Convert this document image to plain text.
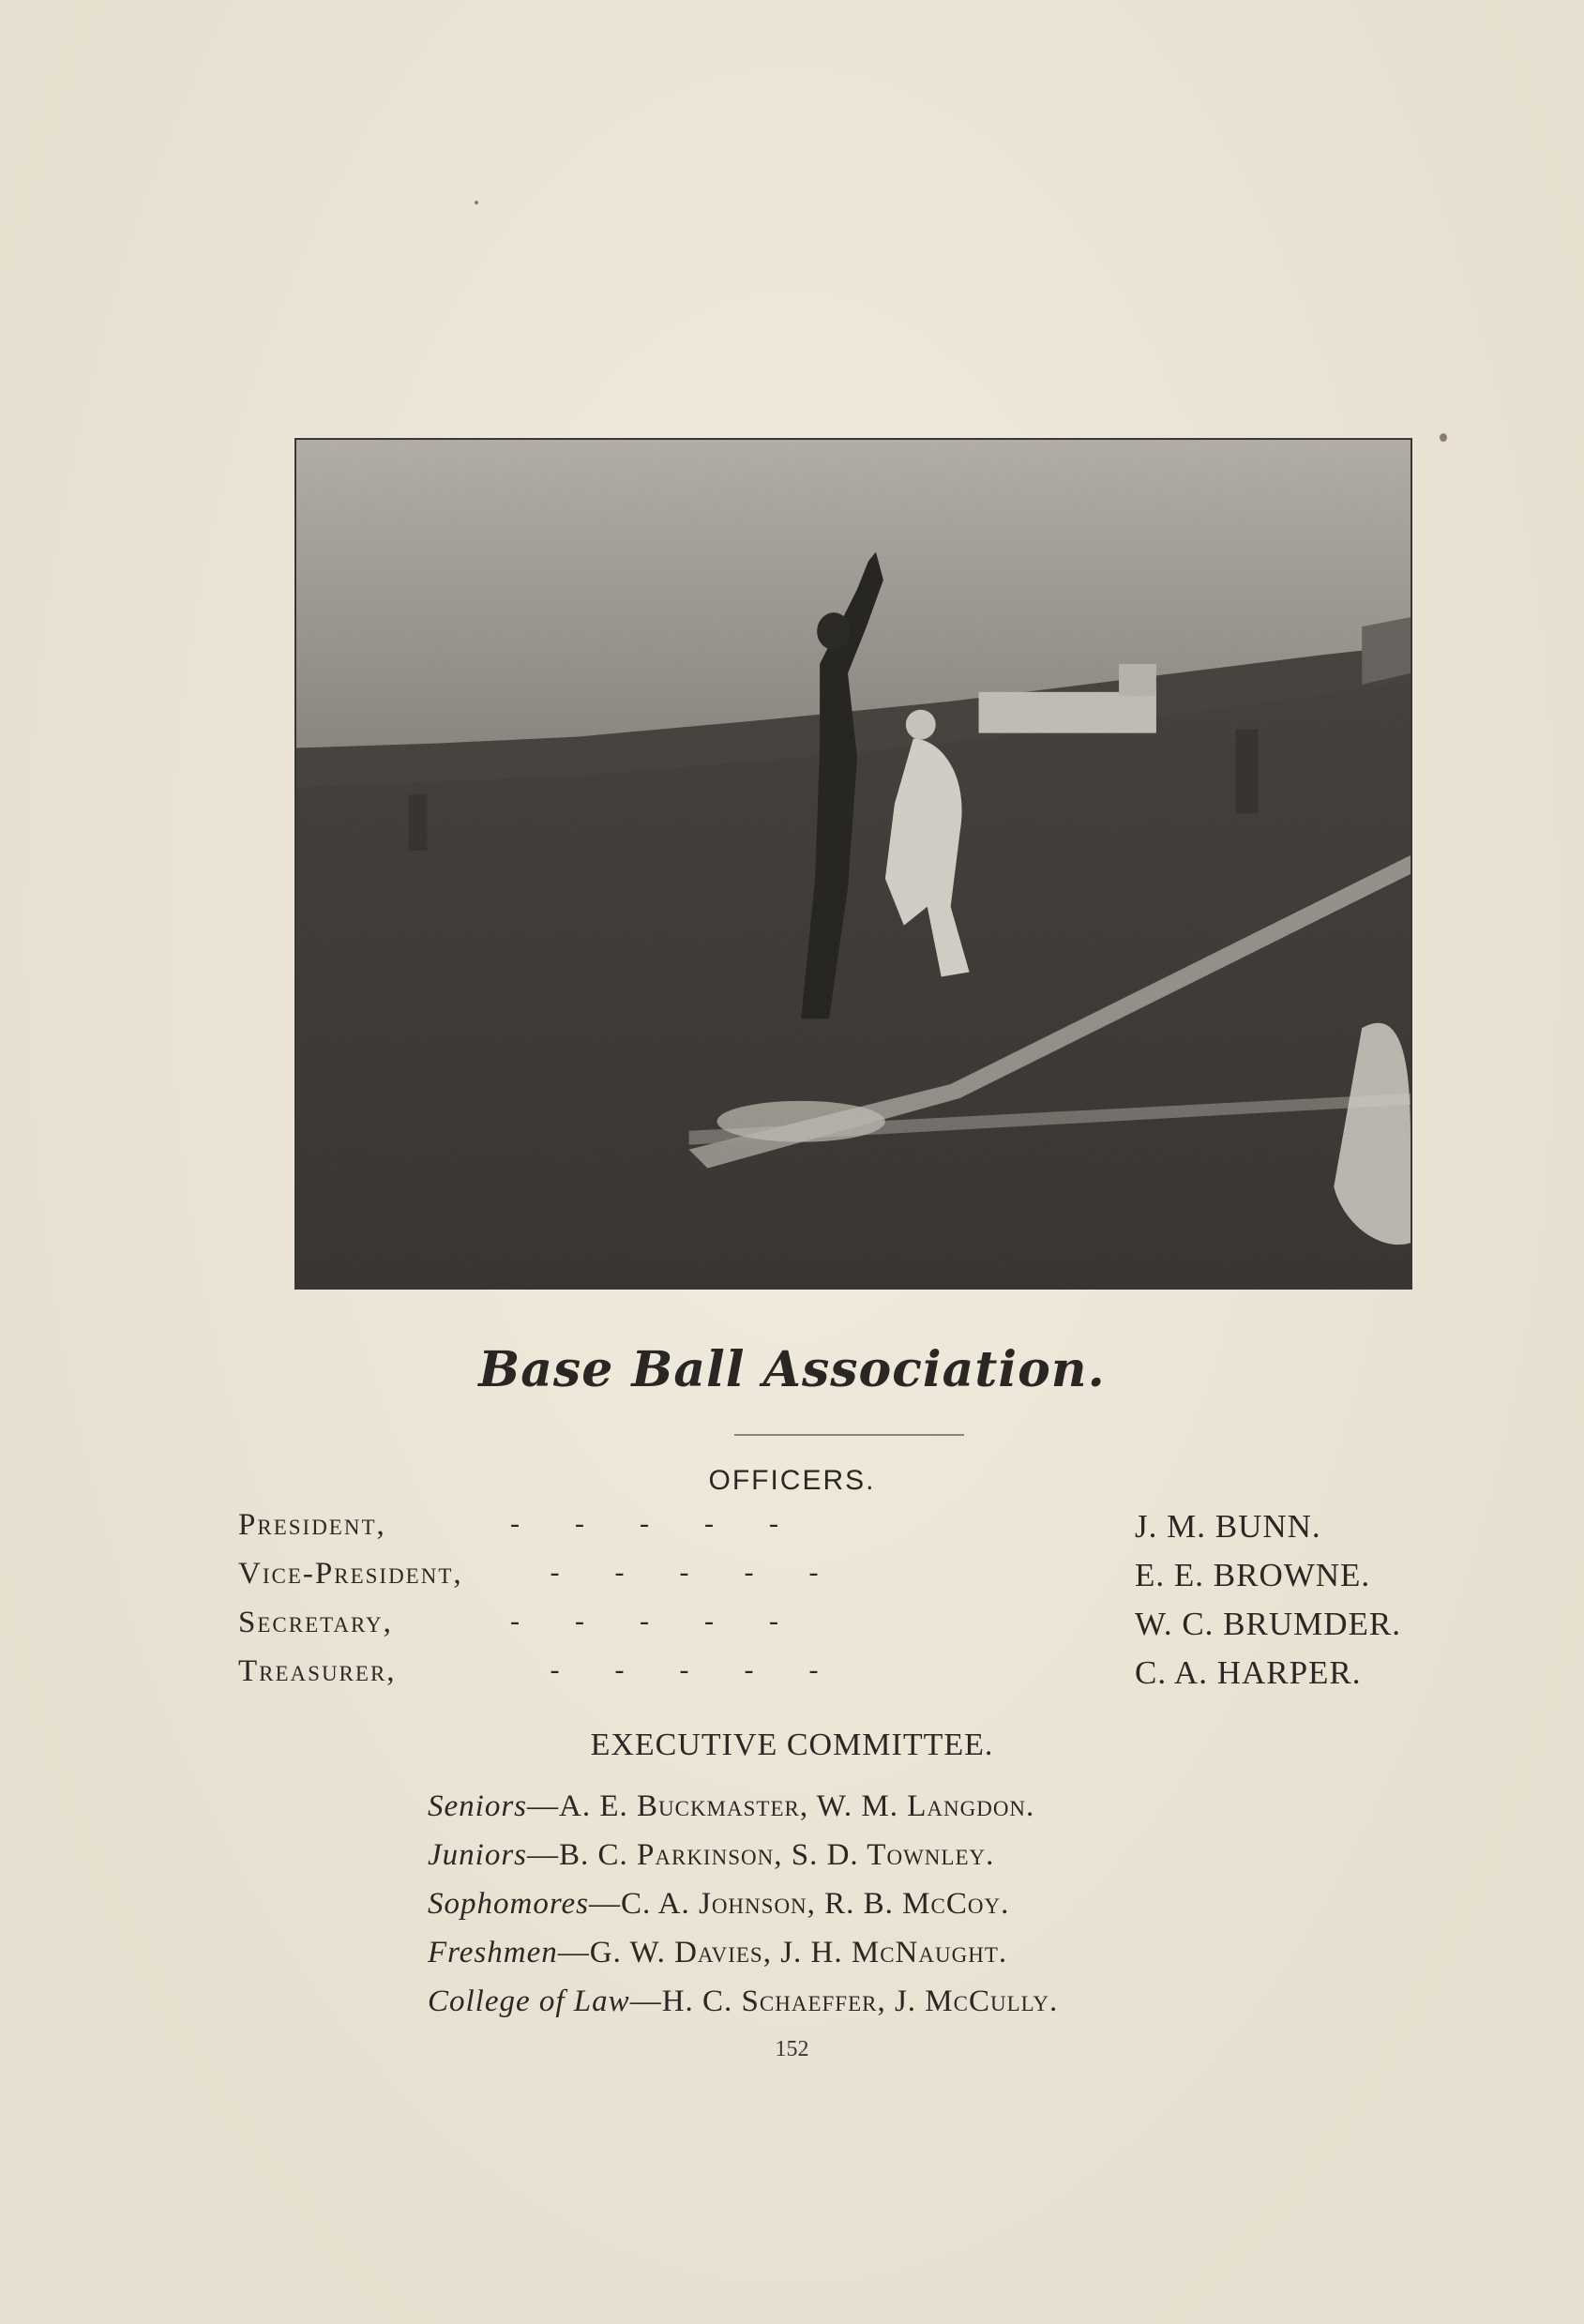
Base Ball Association.
OFFICERS.
President,	-      -      -      -      -	J. M. BUNN.
Vice-President, -      -      -      -      -	E. E. BROWNE.
Secretary,	-      -      -      -      -	W. C. BRUMDER.
Treasurer,	-      -      -      -      -	C. A. HARPER.
EXECUTIVE COMMITTEE.
Seniors—A. E. Buckmaster, W. M. Langdon.
Juniors—B. C. Parkinson, S. D. Townley.
Sophomores—C. A. Johnson, R. B. McCoy.
Freshmen—G. W. Davies, J. H. McNaught.
College of Law—H. C. Schaeffer, J. McCully.
152
